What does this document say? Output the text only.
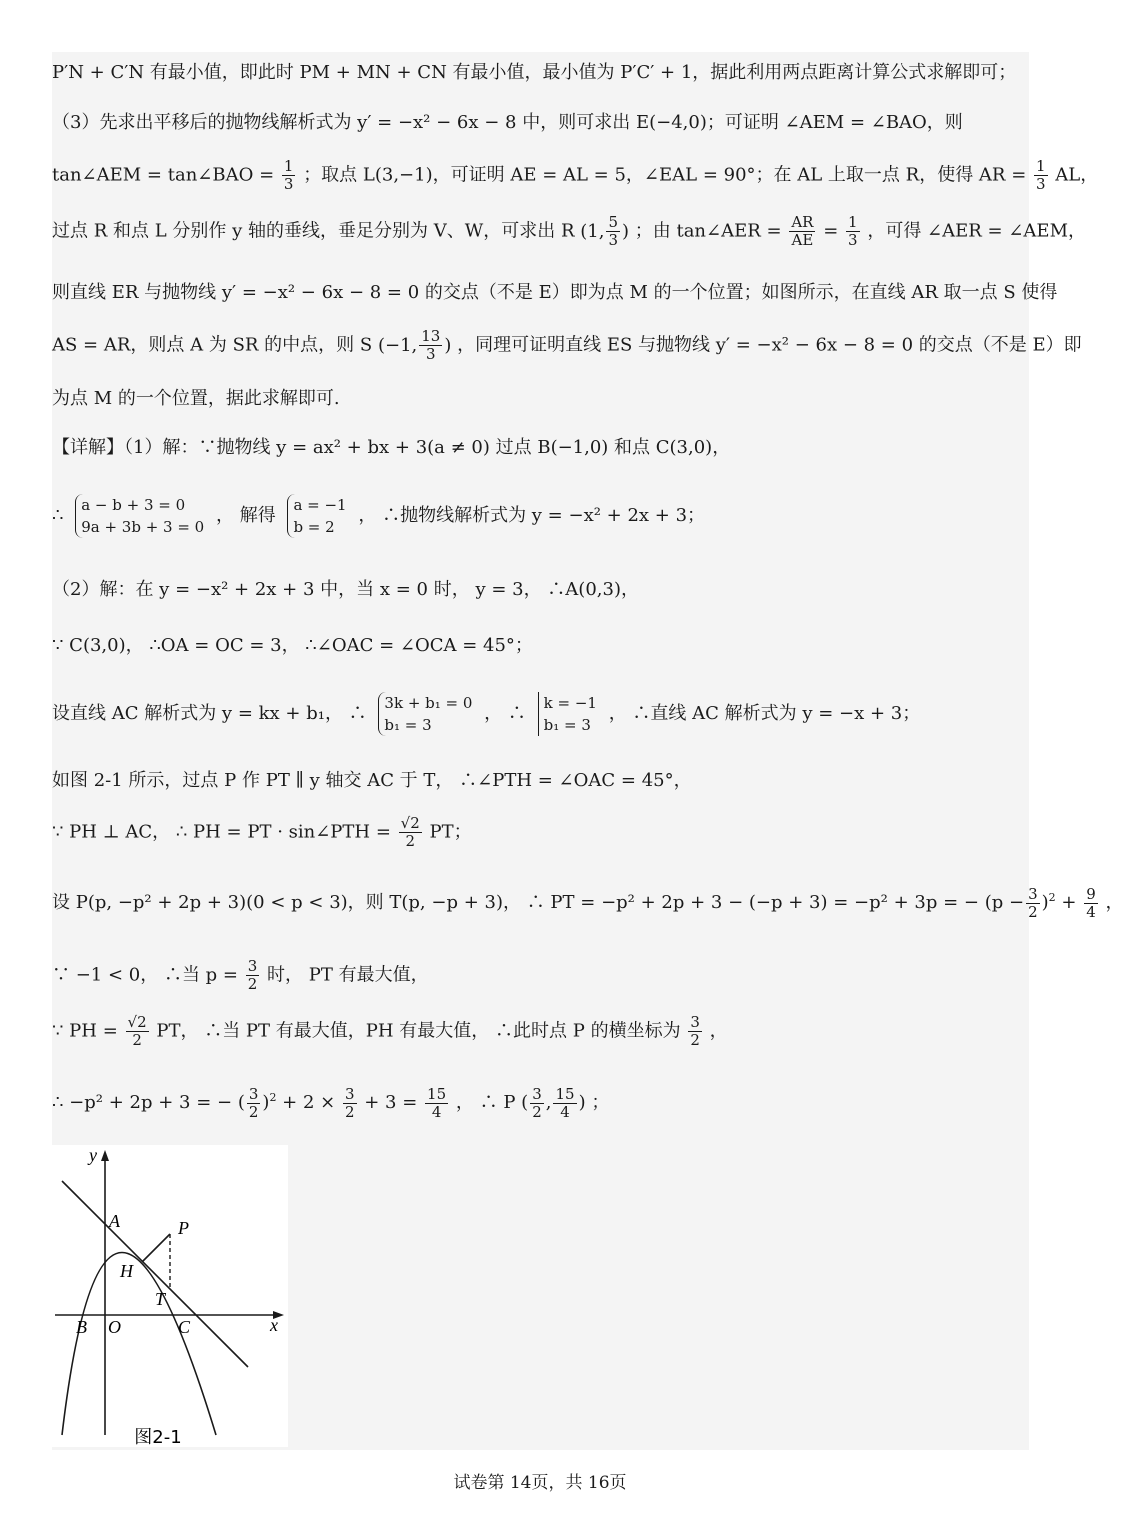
P′N + C′N 有最小值，即此时 PM + MN + CN 有最小值，最小值为 P′C′ + 1，据此利用两点距离计算公式求解即可；
（3）先求出平移后的抛物线解析式为 y′ = −x² − 6x − 8 中，则可求出 E(−4,0)；可证明 ∠AEM = ∠BAO，则
tan∠AEM = tan∠BAO = $\frac{1}{3}$ ；取点 L(3,−1)，可证明 AE = AL = 5，∠EAL = 90°；在 AL 上取一点 R，使得 AR = $\frac{1}{3}$ AL，
过点 R 和点 L 分别作 y 轴的垂线，垂足分别为 V、W，可求出 R (1, $\frac{5}{3}$ ) ；由 tan∠AER = $\frac{AR}{AE} = \frac{1}{3}$ ，可得 ∠AER = ∠AEM，
则直线 ER 与抛物线 y′ = −x² − 6x − 8 = 0 的交点（不是 E）即为点 M 的一个位置；如图所示，在直线 AR 取一点 S 使得
AS = AR，则点 A 为 SR 的中点，则 S (−1, $\frac{13}{3}$ ) ，同理可证明直线 ES 与抛物线 y′ = −x² − 6x − 8 = 0 的交点（不是 E）即
为点 M 的一个位置，据此求解即可.
【详解】（1）解：∵抛物线 y = ax² + bx + 3(a ≠ 0) 过点 B(−1,0) 和点 C(3,0)，
∴ a − b + 3 = 0
9a + 3b + 3 = 0
， 解得 a = −1
b = 2
， ∴抛物线解析式为 y = −x² + 2x + 3；
（2）解：在 y = −x² + 2x + 3 中，当 x = 0 时， y = 3， ∴A(0,3)，
∵ C(3,0)， ∴OA = OC = 3， ∴∠OAC = ∠OCA = 45°；
设直线 AC 解析式为 y = kx + b₁， ∴ 3k + b₁ = 0
b₁ = 3
， ∴ k = −1
b₁ = 3
， ∴直线 AC 解析式为 y = −x + 3；
如图 2-1 所示，过点 P 作 PT ∥ y 轴交 AC 于 T， ∴∠PTH = ∠OAC = 45°，
∵ PH ⊥ AC， ∴ PH = PT · sin∠PTH = $\frac{√2}{2}$ PT；
设 P(p, −p² + 2p + 3)(0 < p < 3)，则 T(p, −p + 3)， ∴ PT = −p² + 2p + 3 − (−p + 3) = −p² + 3p = − $(p - \frac{3}{2} )^2 + \frac{9}{4}$ ，
∵ −1 < 0， ∴当 $p = \frac{3}{2}$ 时， PT 有最大值，
∵ PH = $\frac{√2}{2}$ PT， ∴当 PT 有最大值，PH 有最大值， ∴此时点 P 的横坐标为 $\frac{3}{2}$ ，
∴ −p² + 2p + 3 = − ( $\frac{3}{2} )^2 + 2 \times \frac{3}{2} + 3 = \frac{15}{4}$ ， ∴ P ( $\frac{3}{2}$ , $\frac{15}{4}$ ) ；
y
x
A	P
H
T
B O	C
图2-1
试卷第 14页，共 16页
